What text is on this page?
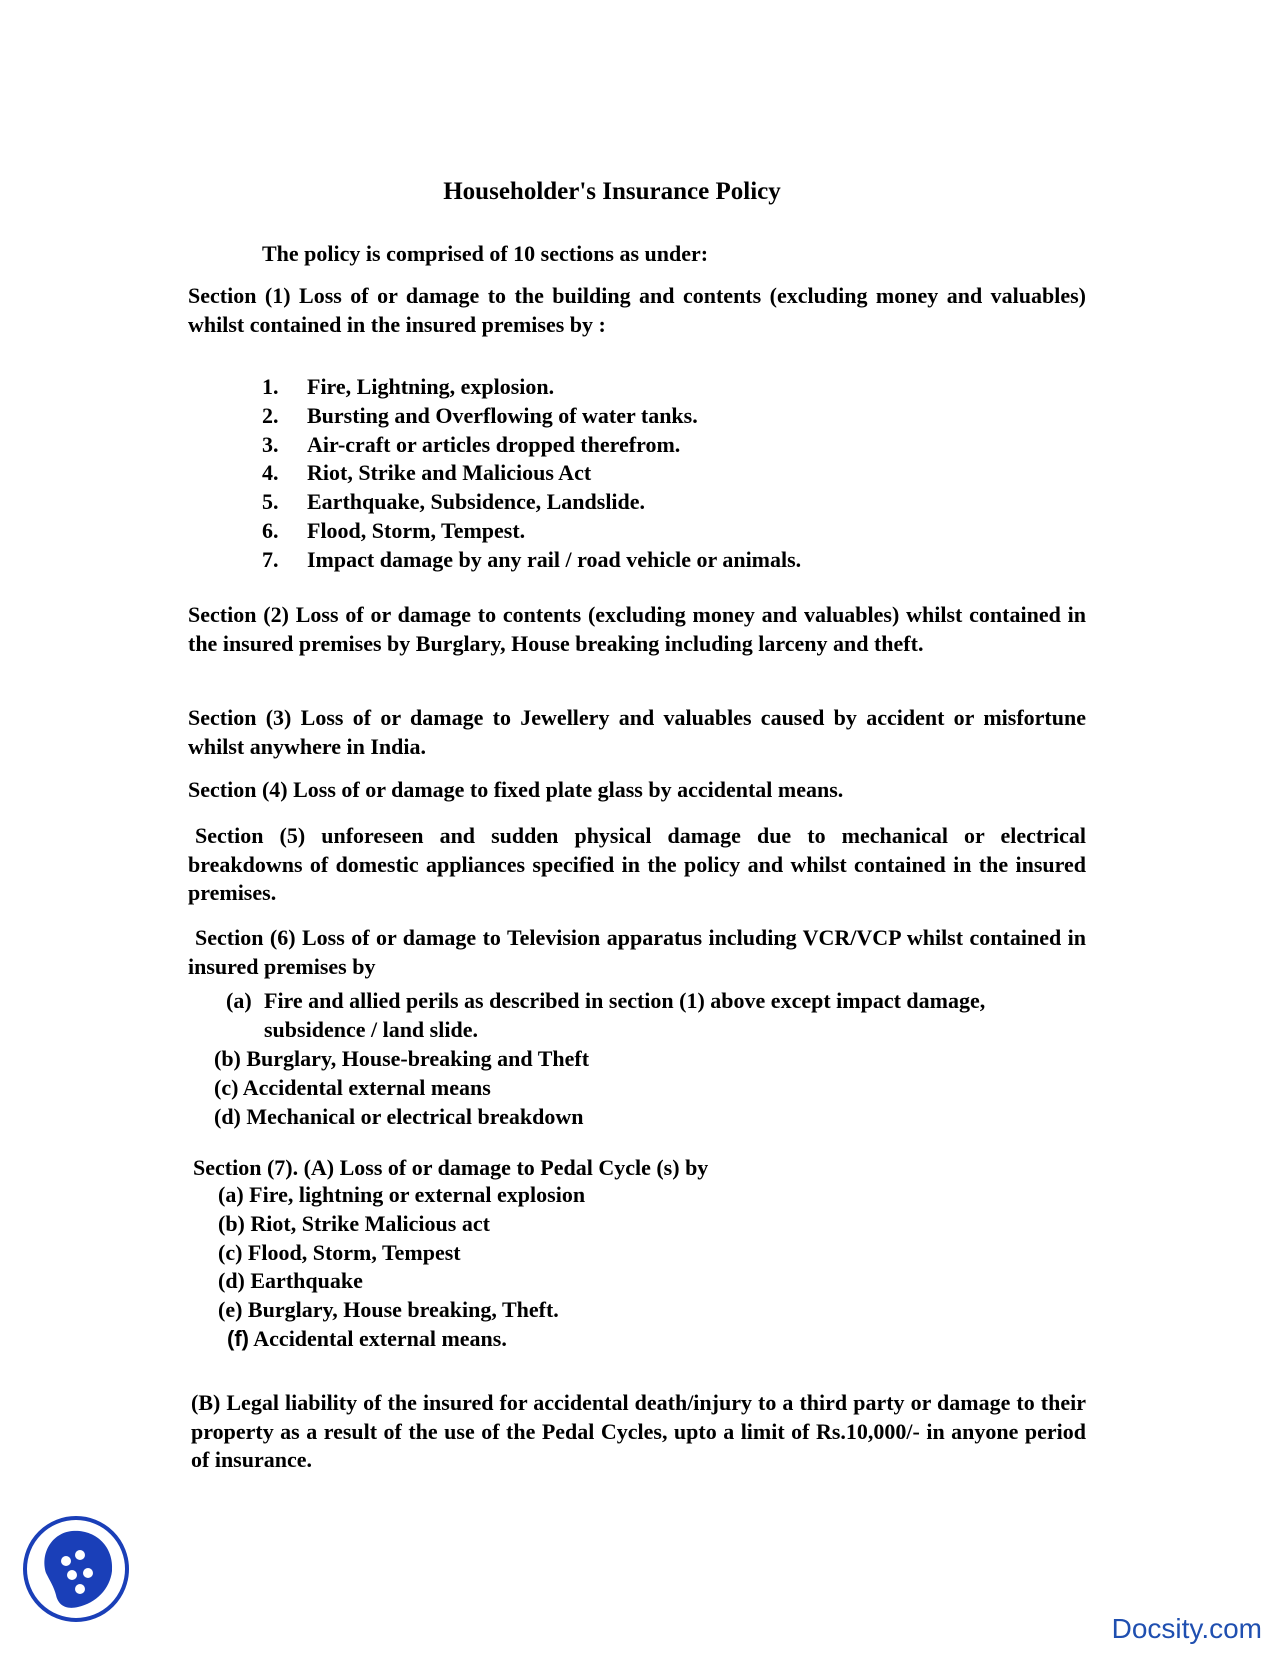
Householder's Insurance Policy
The policy is comprised of 10 sections as under:
Section (1) Loss of or damage to the building and contents (excluding money and valuables) whilst contained in the insured premises by :
1. Fire, Lightning, explosion.
2. Bursting and Overflowing of water tanks.
3. Air-craft or articles dropped therefrom.
4. Riot, Strike and Malicious Act
5. Earthquake, Subsidence, Landslide.
6. Flood, Storm, Tempest.
7. Impact damage by any rail / road vehicle or animals.
Section (2) Loss of or damage to contents (excluding money and valuables) whilst contained in the insured premises by Burglary, House breaking including larceny and theft.
Section (3) Loss of or damage to Jewellery and valuables caused by accident or misfortune whilst anywhere in India.
Section (4) Loss of or damage to fixed plate glass by accidental means.
Section (5) unforeseen and sudden physical damage due to mechanical or electrical breakdowns of domestic appliances specified in the policy and whilst contained in the insured premises.
Section (6) Loss of or damage to Television apparatus including VCR/VCP whilst contained in insured premises by
(a) Fire and allied perils as described in section (1) above except impact damage,
subsidence / land slide.
(b) Burglary, House-breaking and Theft
(c) Accidental external means
(d) Mechanical or electrical breakdown
Section (7). (A) Loss of or damage to Pedal Cycle (s) by
(a) Fire, lightning or external explosion
(b) Riot, Strike Malicious act
(c) Flood, Storm, Tempest
(d) Earthquake
(e) Burglary, House breaking, Theft.
(f) Accidental external means.
(B) Legal liability of the insured for accidental death/injury to a third party or damage to their property as a result of the use of the Pedal Cycles, upto a limit of Rs.10,000/- in anyone period of insurance.
Docsity.com
